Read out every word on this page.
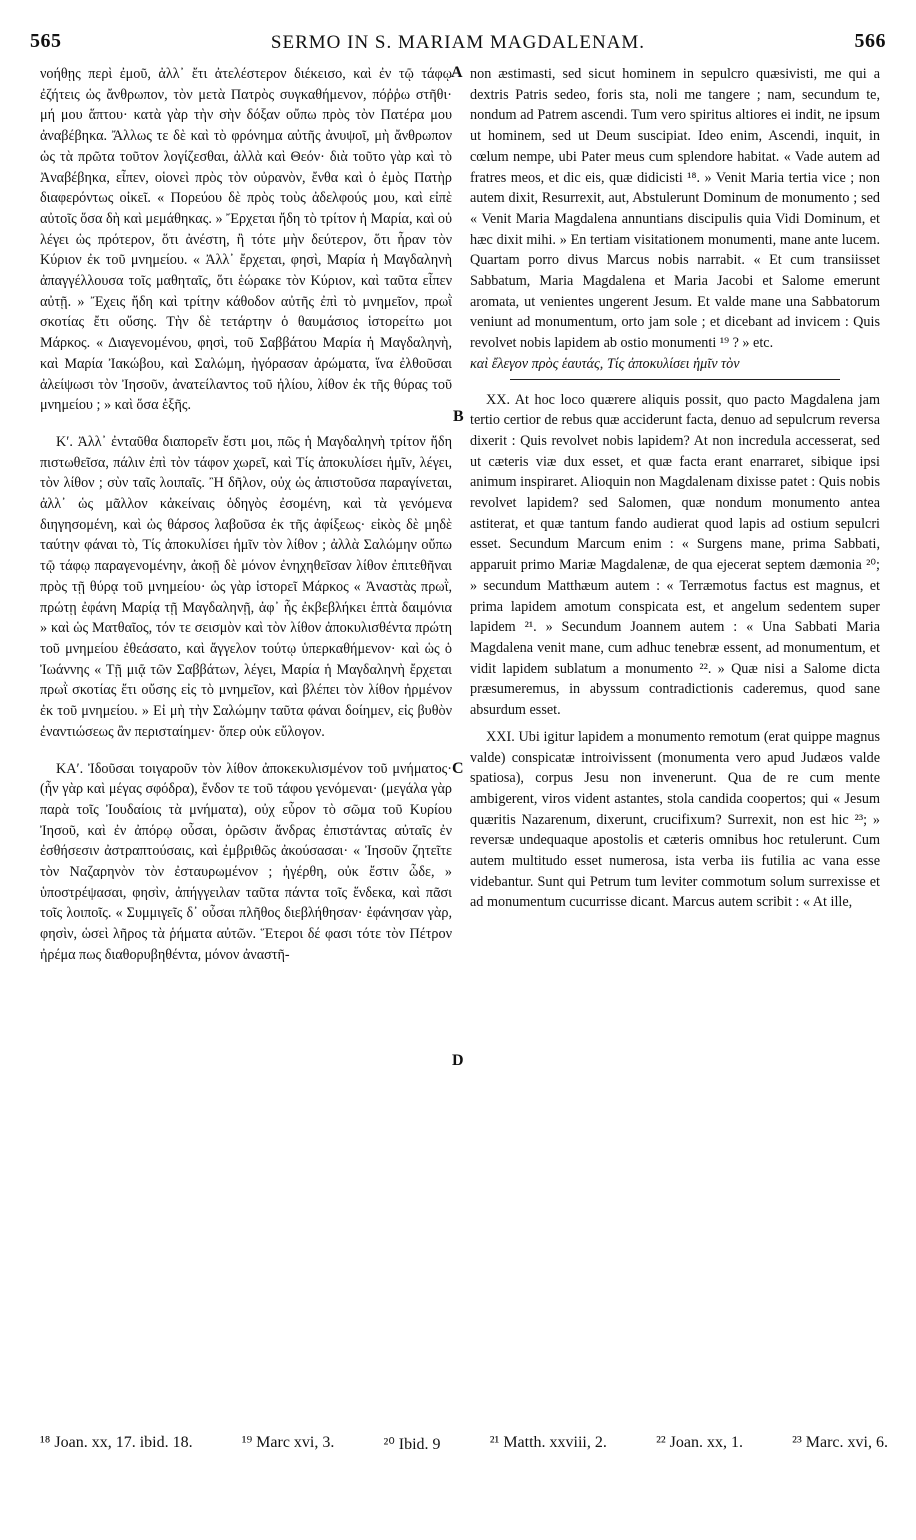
565	SERMO IN S. MARIAM MAGDALENAM.	566

νοήθῃς περὶ ἐμοῦ, ἀλλ᾽ ἔτι ἀτελέστερον διέκεισο, καὶ ἐν τῷ τάφῳ ἐζήτεις ὡς ἄνθρωπον, τὸν μετὰ Πατρὸς συγκαθήμενον, πόῤῥω στῆθι· μή μου ἅπτου· κατὰ γὰρ τὴν σὴν δόξαν οὔπω πρὸς τὸν Πατέρα μου ἀναβέβηκα. Ἄλλως τε δὲ καὶ τὸ φρόνημα αὐτῆς ἀνυψοῖ, μὴ ἄνθρωπον ὡς τὰ πρῶτα τοῦτον λογίζεσθαι, ἀλλὰ καὶ Θεόν· διὰ τοῦτο γὰρ καὶ τὸ Ἀναβέβηκα, εἶπεν, οἱονεὶ πρὸς τὸν οὐρανὸν, ἔνθα καὶ ὁ ἐμὸς Πατὴρ διαφερόντως οἰκεῖ. « Πορεύου δὲ πρὸς τοὺς ἀδελφούς μου, καὶ εἰπὲ αὐτοῖς ὅσα δὴ καὶ μεμάθηκας. » Ἔρχεται ἤδη τὸ τρίτον ἡ Μαρία, καὶ οὐ λέγει ὡς πρότερον, ὅτι ἀνέστη, ἢ τότε μὴν δεύτερον, ὅτι ἦραν τὸν Κύριον ἐκ τοῦ μνημείου. « Ἀλλ᾽ ἔρχεται, φησὶ, Μαρία ἡ Μαγδαληνὴ ἀπαγγέλλουσα τοῖς μαθηταῖς, ὅτι ἑώρακε τὸν Κύριον, καὶ ταῦτα εἶπεν αὐτῇ. » Ἔχεις ἤδη καὶ τρίτην κάθοδον αὐτῆς ἐπὶ τὸ μνημεῖον, πρωῒ σκοτίας ἔτι οὔσης. Τὴν δὲ τετάρτην ὁ θαυμάσιος ἱστορείτω μοι Μάρκος. « Διαγενομένου, φησὶ, τοῦ Σαββάτου Μαρία ἡ Μαγδαληνὴ, καὶ Μαρία Ἰακώβου, καὶ Σαλώμη, ἠγόρασαν ἀρώματα, ἵνα ἐλθοῦσαι ἀλείψωσι τὸν Ἰησοῦν, ἀνατείλαντος τοῦ ἡλίου, λίθον ἐκ τῆς θύρας τοῦ μνημείου ; » καὶ ὅσα ἑξῆς.

Κʹ. Ἀλλ᾽ ἐνταῦθα διαπορεῖν ἔστι μοι, πῶς ἡ Μαγδαληνὴ τρίτον ἤδη πιστωθεῖσα, πάλιν ἐπὶ τὸν τάφον χωρεῖ, καὶ Τίς ἀποκυλίσει ἡμῖν, λέγει, τὸν λίθον ; σὺν ταῖς λοιπαῖς. Ἢ δῆλον, οὐχ ὡς ἀπιστοῦσα παραγίνεται, ἀλλ᾽ ὡς μᾶλλον κἀκείναις ὁδηγὸς ἐσομένη, καὶ τὰ γενόμενα διηγησομένη, καὶ ὡς θάρσος λαβοῦσα ἐκ τῆς ἀφίξεως· εἰκὸς δὲ μηδὲ ταύτην φάναι τὸ, Τίς ἀποκυλίσει ἡμῖν τὸν λίθον ; ἀλλὰ Σαλώμην οὔπω τῷ τάφῳ παραγενομένην, ἀκοῇ δὲ μόνον ἐνηχηθεῖσαν λίθον ἐπιτεθῆναι πρὸς τῇ θύρᾳ τοῦ μνημείου· ὡς γὰρ ἱστορεῖ Μάρκος « Ἀναστὰς πρωῒ, πρώτῃ ἐφάνη Μαρίᾳ τῇ Μαγδαληνῇ, ἀφ᾽ ἧς ἐκβεβλήκει ἑπτὰ δαιμόνια » καὶ ὡς Ματθαῖος, τόν τε σεισμὸν καὶ τὸν λίθον ἀποκυλισθέντα πρώτη τοῦ μνημείου ἐθεάσατο, καὶ ἄγγελον τούτῳ ὑπερκαθήμενον· καὶ ὡς ὁ Ἰωάννης « Τῇ μιᾷ τῶν Σαββάτων, λέγει, Μαρία ἡ Μαγδαληνὴ ἔρχεται πρωῒ σκοτίας ἔτι οὔσης εἰς τὸ μνημεῖον, καὶ βλέπει τὸν λίθον ἠρμένον ἐκ τοῦ μνημείου. » Εἰ μὴ τὴν Σαλώμην ταῦτα φάναι δοίημεν, εἰς βυθὸν ἐναντιώσεως ἂν περιστα​ίημεν· ὅπερ οὐκ εὔλογον.

ΚΑʹ. Ἰδοῦσαι τοιγαροῦν τὸν λίθον ἀποκεκυλισμένον τοῦ μνήματος· (ἦν γὰρ καὶ μέγας σφόδρα), ἔνδον τε τοῦ τάφου γενόμεναι· (μεγάλα γὰρ παρὰ τοῖς Ἰουδαίοις τὰ μνήματα), οὐχ εὗρον τὸ σῶμα τοῦ Κυρίου Ἰησοῦ, καὶ ἐν ἀπόρῳ οὖσαι, ὁρῶσιν ἄνδρας ἐπιστάντας αὐταῖς ἐν ἐσθήσεσιν ἀστραπτούσαις, καὶ ἐμβριθῶς ἀκούσασαι· « Ἰησοῦν ζητεῖτε τὸν Ναζαρηνὸν τὸν ἐσταυρωμένον ; ἠγέρθη, οὐκ ἔστιν ὧδε, » ὑποστρέψασαι, φησὶν, ἀπήγγειλαν ταῦτα πάντα τοῖς ἕνδεκα, καὶ πᾶσι τοῖς λοιποῖς. « Συμμιγεῖς δ᾽ οὖσαι πλῆθος διεβλήθησαν· ἐφάνησαν γὰρ, φησὶν, ὡσεὶ λῆρος τὰ ῥήματα αὐτῶν. Ἕτεροι δέ φασι τότε τὸν Πέτρον ἠρέμα πως διαθορυβηθέντα, μόνον ἀναστῆ-

A
B
C
D

non æstimasti, sed sicut hominem in sepulcro quæsivisti, me qui a dextris Patris sedeo, foris sta, noli me tangere ; nam, secundum te, nondum ad Patrem ascendi. Tum vero spiritus altiores ei indit, ne ipsum ut hominem, sed ut Deum suscipiat. Ideo enim, Ascendi, inquit, in cœlum nempe, ubi Pater meus cum splendore habitat. « Vade autem ad fratres meos, et dic eis, quæ didicisti ¹⁸. » Venit Maria tertia vice ; non autem dixit, Resurrexit, aut, Abstulerunt Dominum de monumento ; sed « Venit Maria Magdalena annuntians discipulis quia Vidi Dominum, et hæc dixit mihi. » En tertiam visitationem monumenti, mane ante lucem. Quartam porro divus Marcus nobis narrabit. « Et cum transiisset Sabbatum, Maria Magdalena et Maria Jacobi et Salome emerunt aromata, ut venientes ungerent Jesum. Et valde mane una Sabbatorum veniunt ad monumentum, orto jam sole ; et dicebant ad invicem : Quis revolvet nobis lapidem ab ostio monumenti ¹⁹ ? » etc.

καὶ ἔλεγον πρὸς ἑαυτάς, Τίς ἀποκυλίσει ἡμῖν τὸν

XX. At hoc loco quærere aliquis possit, quo pacto Magdalena jam tertio certior de rebus quæ acciderunt facta, denuo ad sepulcrum reversa dixerit : Quis revolvet nobis lapidem? At non incredula accesserat, sed ut cæteris viæ dux esset, et quæ facta erant enarraret, sibique ipsi animum inspiraret. Alioquin non Magdalenam dixisse patet : Quis nobis revolvet lapidem? sed Salomen, quæ nondum monumento antea astiterat, et quæ tantum fando audierat quod lapis ad ostium sepulcri esset. Secundum Marcum enim : « Surgens mane, prima Sabbati, apparuit primo Mariæ Magdalenæ, de qua ejecerat septem dæmonia ²⁰; » secundum Matthæum autem : « Terræmotus factus est magnus, et prima lapidem amotum conspicata est, et angelum sedentem super lapidem ²¹. » Secundum Joannem autem : « Una Sabbati Maria Magdalena venit mane, cum adhuc tenebræ essent, ad monumentum, et vidit lapidem sublatum a monumento ²². » Quæ nisi a Salome dicta præsumeremus, in abyssum contradictionis caderemus, quod sane absurdum esset.

XXI. Ubi igitur lapidem a monumento remotum (erat quippe magnus valde) conspicatæ introivissent (monumenta vero apud Judæos valde spatiosa), corpus Jesu non invenerunt. Qua de re cum mente ambigerent, viros vident astantes, stola candida coopertos; qui « Jesum quæritis Nazarenum, dixerunt, crucifixum? Surrexit, non est hic ²³; » reversæ undequaque apostolis et cæteris omnibus hoc retulerunt. Cum autem multitudo esset numerosa, ista verba iis futilia ac vana esse videbantur. Sunt qui Petrum tum leviter commotum solum surrexisse et ad monumentum cucurrisse dicant. Marcus autem scribit : « At ille,

¹⁸ Joan. xx, 17. ibid. 18.	¹⁹ Marc xvi, 3.	²⁰ Ibid. 9	²¹ Matth. xxviii, 2.	²² Joan. xx, 1.	²³ Marc. xvi, 6.
